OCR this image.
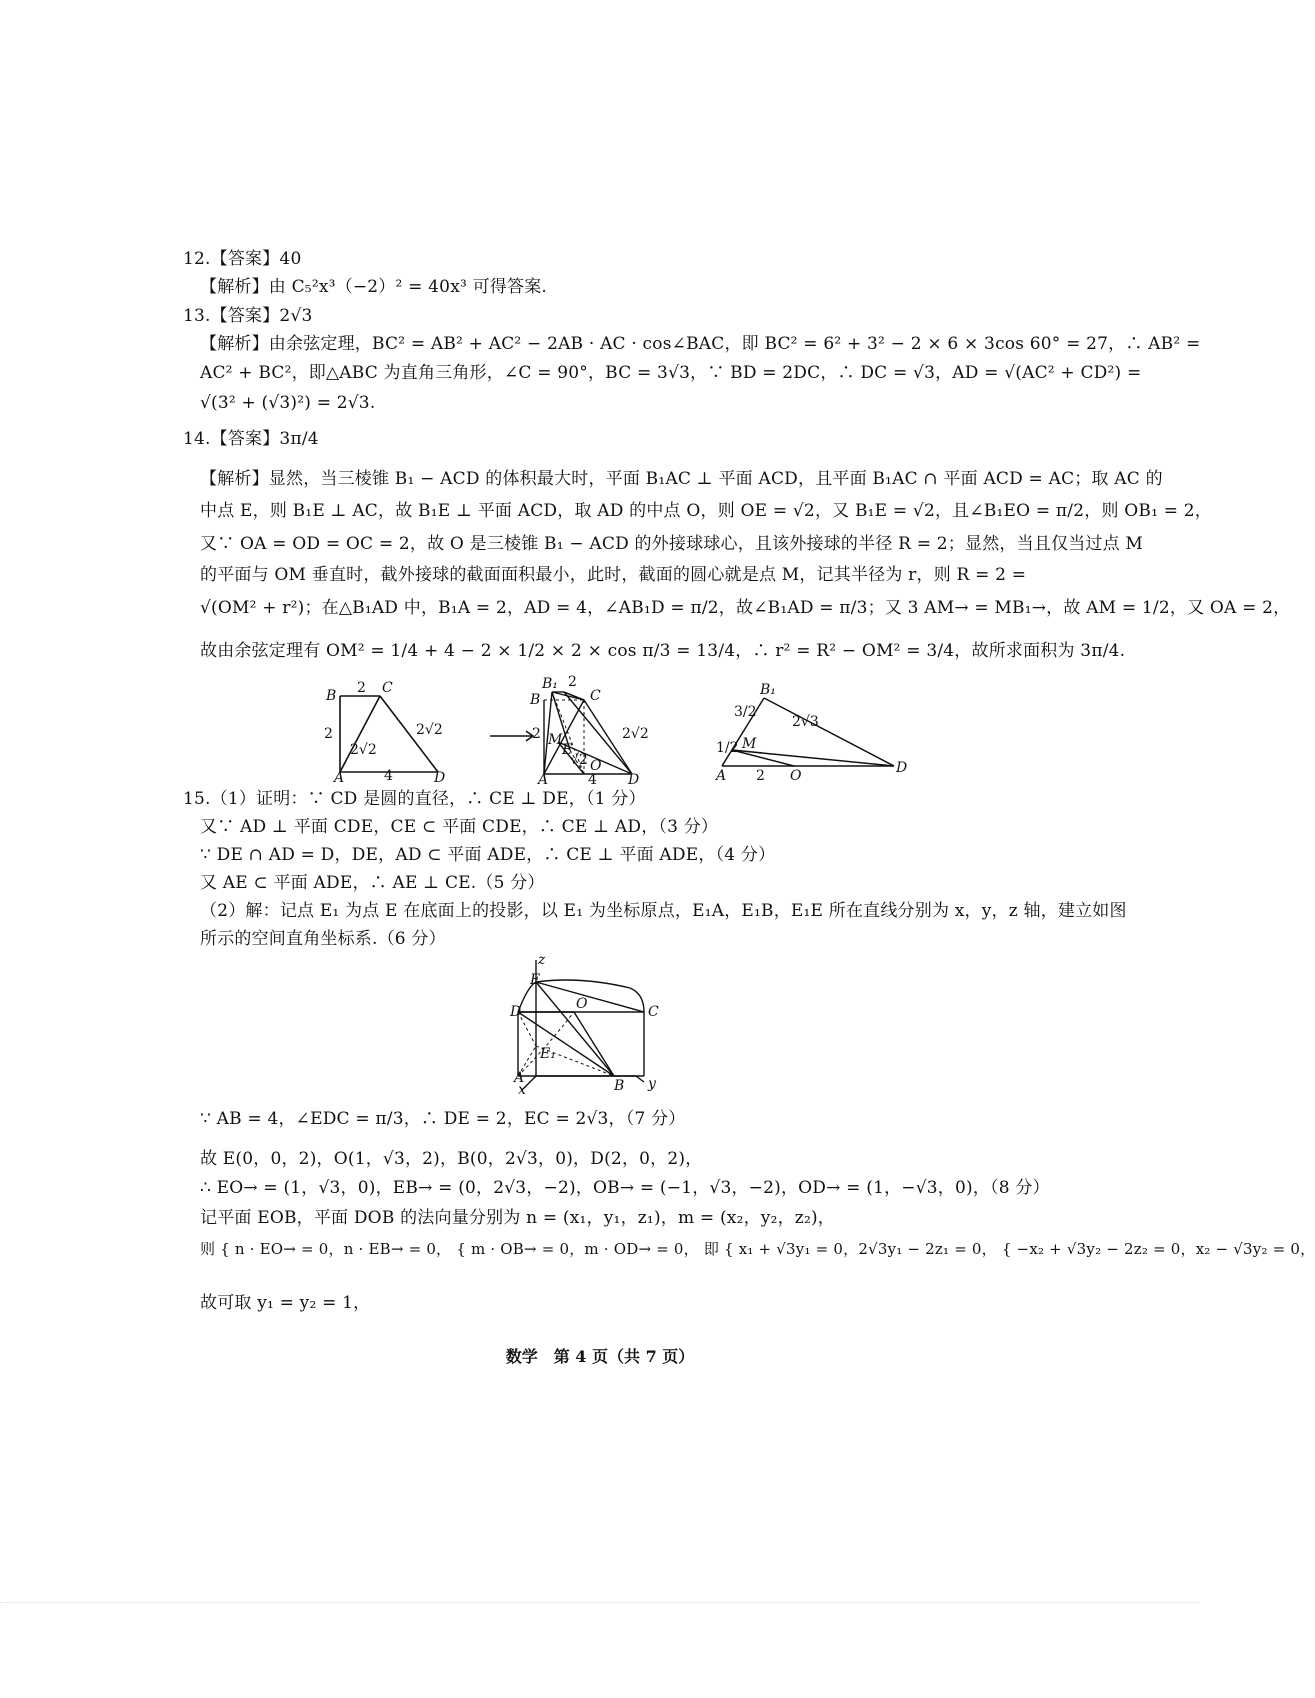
12.【答案】40
【解析】由 C₅²x³（−2）² = 40x³ 可得答案.
13.【答案】2√3
【解析】由余弦定理，BC² = AB² + AC² − 2AB · AC · cos∠BAC，即 BC² = 6² + 3² − 2 × 6 × 3cos 60° = 27，∴ AB² =
AC² + BC²，即△ABC 为直角三角形，∠C = 90°，BC = 3√3，∵ BD = 2DC，∴ DC = √3，AD = √(AC² + CD²) =
√(3² + (√3)²) = 2√3.
14.【答案】3π/4
【解析】显然，当三棱锥 B₁ − ACD 的体积最大时，平面 B₁AC ⊥ 平面 ACD，且平面 B₁AC ∩ 平面 ACD = AC；取 AC 的
中点 E，则 B₁E ⊥ AC，故 B₁E ⊥ 平面 ACD，取 AD 的中点 O，则 OE = √2，又 B₁E = √2，且∠B₁EO = π/2，则 OB₁ = 2，
又∵ OA = OD = OC = 2，故 O 是三棱锥 B₁ − ACD 的外接球球心，且该外接球的半径 R = 2；显然，当且仅当过点 M
的平面与 OM 垂直时，截外接球的截面面积最小，此时，截面的圆心就是点 M，记其半径为 r，则 R = 2 =
√(OM² + r²)；在△B₁AD 中，B₁A = 2，AD = 4，∠AB₁D = π/2，故∠B₁AD = π/3；又 3 AM→ = MB₁→，故 AM = 1/2，又 OA = 2，
故由余弦定理有 OM² = 1/4 + 4 − 2 × 1/2 × 2 × cos π/3 = 13/4，∴ r² = R² − OM² = 3/4，故所求面积为 3π/4.
15.（1）证明：∵ CD 是圆的直径，∴ CE ⊥ DE，（1 分）
又∵ AD ⊥ 平面 CDE，CE ⊂ 平面 CDE，∴ CE ⊥ AD，（3 分）
∵ DE ∩ AD = D，DE，AD ⊂ 平面 ADE，∴ CE ⊥ 平面 ADE，（4 分）
又 AE ⊂ 平面 ADE，∴ AE ⊥ CE.（5 分）
（2）解：记点 E₁ 为点 E 在底面上的投影，以 E₁ 为坐标原点，E₁A，E₁B，E₁E 所在直线分别为 x，y，z 轴，建立如图
所示的空间直角坐标系.（6 分）
∵ AB = 4，∠EDC = π/3，∴ DE = 2，EC = 2√3，（7 分）
故 E(0，0，2)，O(1，√3，2)，B(0，2√3，0)，D(2，0，2)，
∴ EO→ = (1，√3，0)，EB→ = (0，2√3，−2)，OB→ = (−1，√3，−2)，OD→ = (1，−√3，0)，（8 分）
记平面 EOB，平面 DOB 的法向量分别为 n = (x₁，y₁，z₁)，m = (x₂，y₂，z₂)，
则 { n · EO→ = 0，n · EB→ = 0， { m · OB→ = 0，m · OD→ = 0， 即 { x₁ + √3y₁ = 0，2√3y₁ − 2z₁ = 0， { −x₂ + √3y₂ − 2z₂ = 0，x₂ − √3y₂ = 0，
故可取 y₁ = y₂ = 1，
B 2 C
2
2√2
2√2
A	4	D
B₁ 2
C
B
2 M
E
√2
2√2
O
A	4 D
B₁
3/2
2√3
M
1/2
A 2 O	D
z
E
O
D	C
E₁
A
x	B y
数学　第 4 页（共 7 页）
